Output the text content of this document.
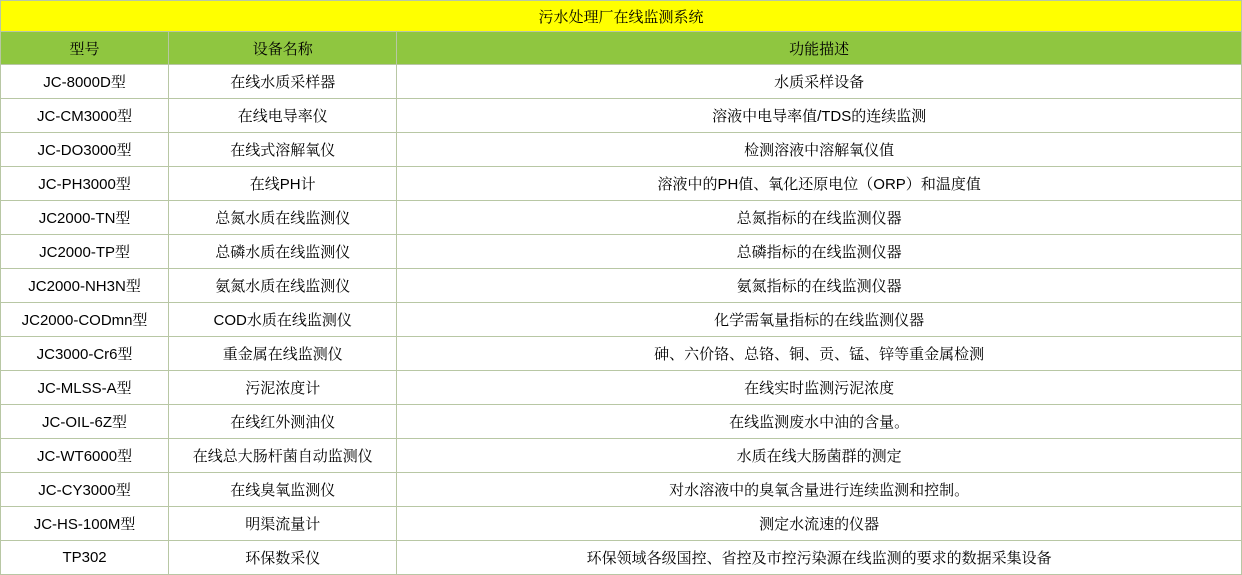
污水处理厂在线监测系统		
型号	设备名称	功能描述
JC-8000D型	在线水质采样器	水质采样设备
JC-CM3000型	在线电导率仪	溶液中电导率值/TDS的连续监测
JC-DO3000型	在线式溶解氧仪	检测溶液中溶解氧仪值
JC-PH3000型	在线PH计	溶液中的PH值、氧化还原电位（ORP）和温度值
JC2000-TN型	总氮水质在线监测仪	总氮指标的在线监测仪器
JC2000-TP型	总磷水质在线监测仪	总磷指标的在线监测仪器
JC2000-NH3N型	氨氮水质在线监测仪	氨氮指标的在线监测仪器
JC2000-CODmn型	COD水质在线监测仪	化学需氧量指标的在线监测仪器
JC3000-Cr6型	重金属在线监测仪	砷、六价铬、总铬、铜、贡、锰、锌等重金属检测
JC-MLSS-A型	污泥浓度计	在线实时监测污泥浓度
JC-OIL-6Z型	在线红外测油仪	在线监测废水中油的含量。
JC-WT6000型	在线总大肠杆菌自动监测仪	水质在线大肠菌群的测定
JC-CY3000型	在线臭氧监测仪	对水溶液中的臭氧含量进行连续监测和控制。
JC-HS-100M型	明渠流量计	测定水流速的仪器
TP302	环保数采仪	环保领域各级国控、省控及市控污染源在线监测的要求的数据采集设备
